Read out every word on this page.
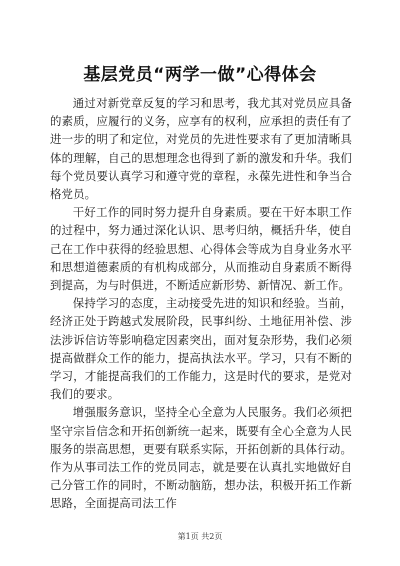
基层党员“两学一做”心得体会

通过对新党章反复的学习和思考，我尤其对党员应具备的素质，应履行的义务，应享有的权利，应承担的责任有了进一步的明了和定位，对党员的先进性要求有了更加清晰具体的理解，自己的思想理念也得到了新的激发和升华。我们每个党员要认真学习和遵守党的章程，永葆先进性和争当合格党员。

干好工作的同时努力提升自身素质。要在干好本职工作的过程中，努力通过深化认识、思考归纳，概括升华，使自己在工作中获得的经验思想、心得体会等成为自身业务水平和思想道德素质的有机构成部分，从而推动自身素质不断得到提高，为与时俱进，不断适应新形势、新情况、新工作。

保持学习的态度，主动接受先进的知识和经验。当前，经济正处于跨越式发展阶段，民事纠纷、土地征用补偿、涉法涉诉信访等影响稳定因素突出，面对复杂形势，我们必须提高做群众工作的能力，提高执法水平。学习，只有不断的学习，才能提高我们的工作能力，这是时代的要求，是党对我们的要求。

增强服务意识，坚持全心全意为人民服务。我们必须把坚守宗旨信念和开拓创新统一起来，既要有全心全意为人民服务的崇高思想，更要有联系实际，开拓创新的具体行动。作为从事司法工作的党员同志，就是要在认真扎实地做好自己分管工作的同时，不断动脑筋，想办法，积极开拓工作新思路，全面提高司法工作

第1页 共2页
